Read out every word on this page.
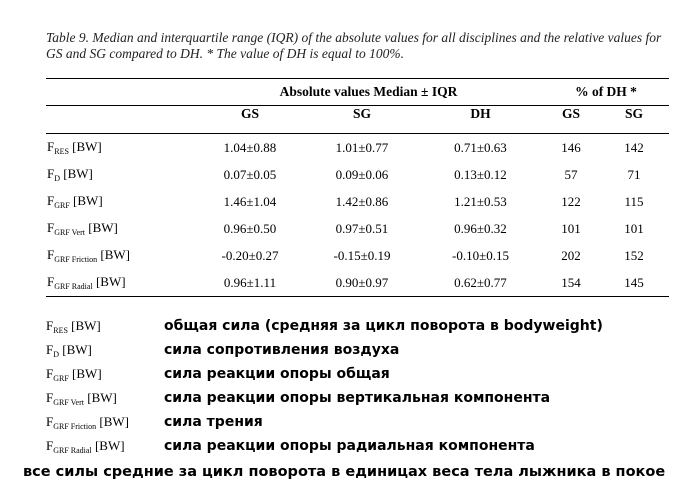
Table 9. Median and interquartile range (IQR) of the absolute values for all disciplines and the relative values for GS and SG compared to DH. * The value of DH is equal to 100%.
	Absolute values Median ± IQR			% of DH *	
	GS	SG	DH	GS	SG
$F_{RES}$ [BW]	1.04±0.88	1.01±0.77	0.71±0.63	146	142
$F_D$ [BW]	0.07±0.05	0.09±0.06	0.13±0.12	57	71
$F_{GRF}$ [BW]	1.46±1.04	1.42±0.86	1.21±0.53	122	115
$F_{GRF Vert}$ [BW]	0.96±0.50	0.97±0.51	0.96±0.32	101	101
$F_{GRF Friction}$ [BW]	-0.20±0.27	-0.15±0.19	-0.10±0.15	202	152
$F_{GRF Radial}$ [BW]	0.96±1.11	0.90±0.97	0.62±0.77	154	145
$F_{RES}$ [BW]	общая сила (средняя за цикл поворота в bodyweight)
$F_D$ [BW]	сила сопротивления воздуха
$F_{GRF}$ [BW]	сила реакции опоры общая
$F_{GRF Vert}$ [BW]	сила реакции опоры вертикальная компонента
$F_{GRF Friction}$ [BW]	сила трения
$F_{GRF Radial}$ [BW]	сила реакции опоры радиальная компонента
все силы средние за цикл поворота в единицах веса тела лыжника в покое
